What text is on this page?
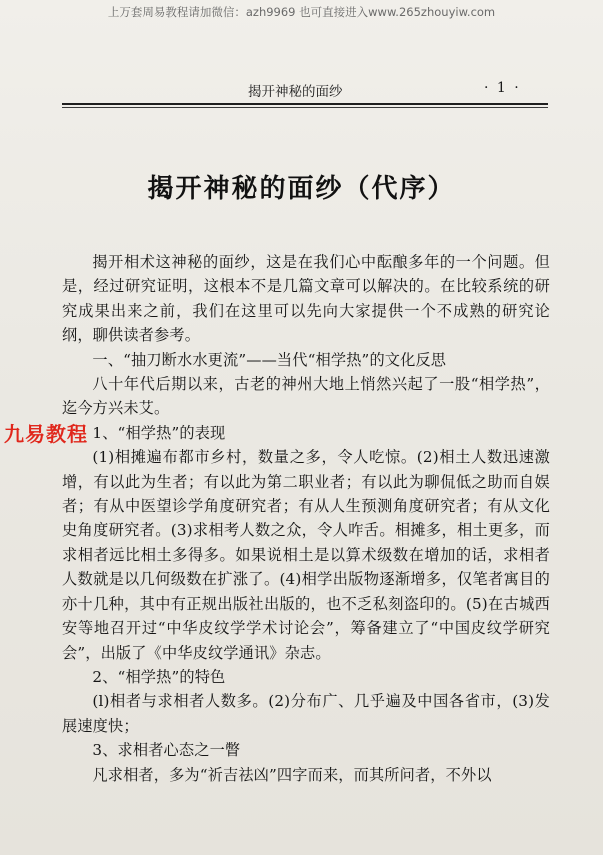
上万套周易教程请加微信：azh9969 也可直接进入www.265zhouyiw.com
揭开神秘的面纱	· 1 ·
揭开神秘的面纱（代序）

揭开相术这神秘的面纱，这是在我们心中酝酿多年的一个问题。但是，经过研究证明，这根本不是几篇文章可以解决的。在比较系统的研究成果出来之前，我们在这里可以先向大家提供一个不成熟的研究论纲，聊供读者参考。

一、“抽刀断水水更流”——当代“相学热”的文化反思

八十年代后期以来，古老的神州大地上悄然兴起了一股“相学热”，迄今方兴未艾。

1、“相学热”的表现

(1)相摊遍布都市乡村，数量之多，令人吃惊。(2)相土人数迅速激增，有以此为生者；有以此为第二职业者；有以此为聊侃低之助而自娱者；有从中医望诊学角度研究者；有从人生预测角度研究者；有从文化史角度研究者。(3)求相考人数之众，令人咋舌。相摊多，相土更多，而求相者远比相土多得多。如果说相土是以算术级数在增加的话，求相者人数就是以几何级数在扩涨了。(4)相学出版物逐渐增多，仅笔者寓目的亦十几种，其中有正规出版社出版的，也不乏私刻盗印的。(5)在古城西安等地召开过“中华皮纹学学术讨论会”，筹备建立了“中国皮纹学研究会”，出版了《中华皮纹学通讯》杂志。

2、“相学热”的特色

(l)相者与求相者人数多。(2)分布广、几乎遍及中国各省市，(3)发展速度快；

3、求相者心态之一瞥

凡求相者，多为“祈吉祛凶”四字而来，而其所问者，不外以

九易教程
